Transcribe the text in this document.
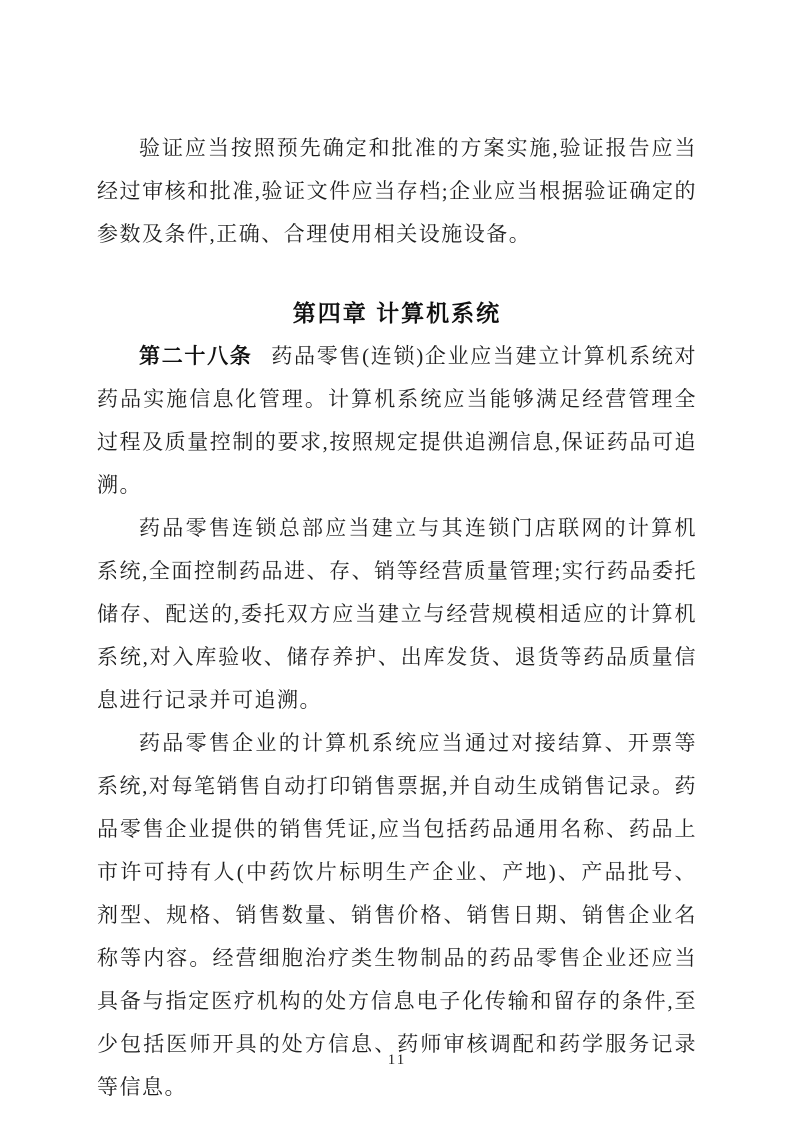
验证应当按照预先确定和批准的方案实施,验证报告应当经过审核和批准,验证文件应当存档;企业应当根据验证确定的参数及条件,正确、合理使用相关设施设备。

第四章 计算机系统

第二十八条 药品零售(连锁)企业应当建立计算机系统对药品实施信息化管理。计算机系统应当能够满足经营管理全过程及质量控制的要求,按照规定提供追溯信息,保证药品可追溯。

药品零售连锁总部应当建立与其连锁门店联网的计算机系统,全面控制药品进、存、销等经营质量管理;实行药品委托储存、配送的,委托双方应当建立与经营规模相适应的计算机系统,对入库验收、储存养护、出库发货、退货等药品质量信息进行记录并可追溯。

药品零售企业的计算机系统应当通过对接结算、开票等系统,对每笔销售自动打印销售票据,并自动生成销售记录。药品零售企业提供的销售凭证,应当包括药品通用名称、药品上市许可持有人(中药饮片标明生产企业、产地)、产品批号、剂型、规格、销售数量、销售价格、销售日期、销售企业名称等内容。经营细胞治疗类生物制品的药品零售企业还应当具备与指定医疗机构的处方信息电子化传输和留存的条件,至少包括医师开具的处方信息、药师审核调配和药学服务记录等信息。

11
